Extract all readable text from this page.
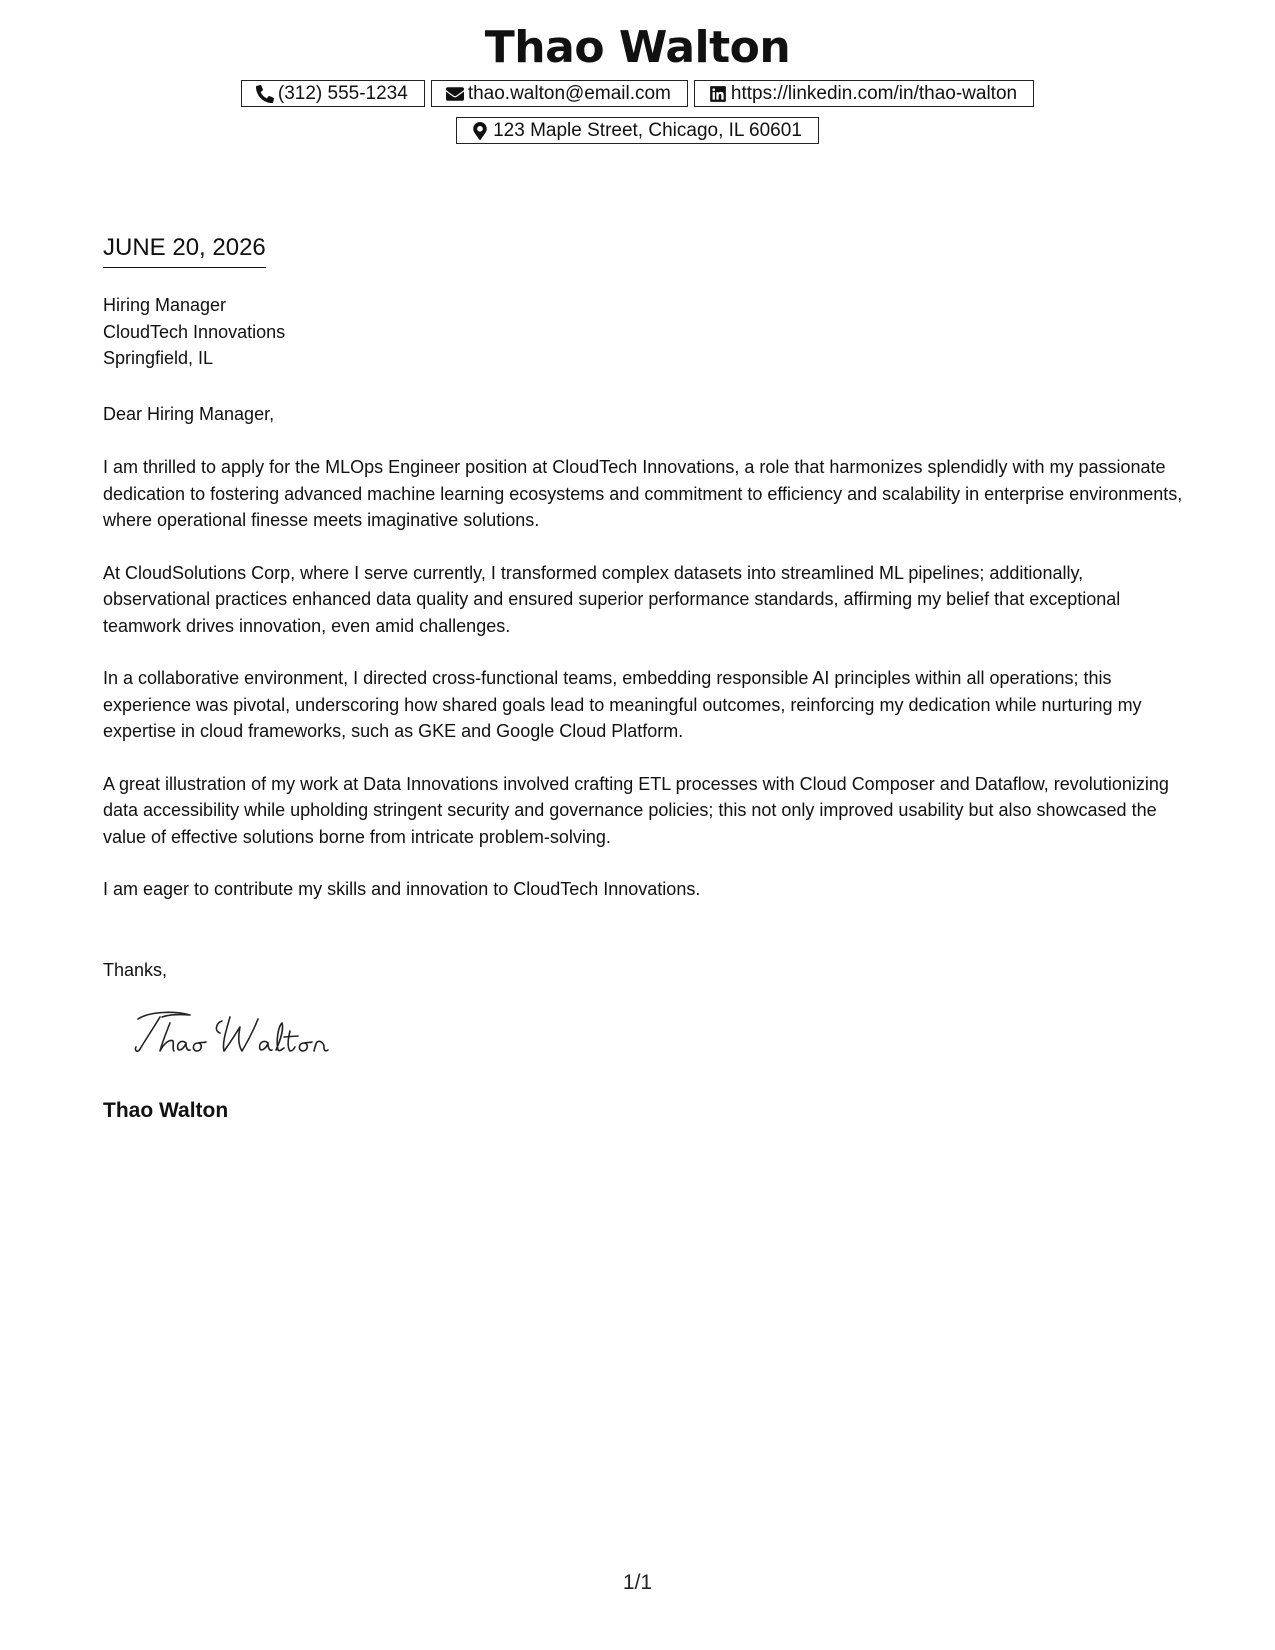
Thao Walton
(312) 555-1234	thao.walton@email.com	https://linkedin.com/in/thao-walton
123 Maple Street, Chicago, IL 60601
JUNE 20, 2026
Hiring Manager
CloudTech Innovations
Springfield, IL
Dear Hiring Manager,

I am thrilled to apply for the MLOps Engineer position at CloudTech Innovations, a role that harmonizes splendidly with my passionate dedication to fostering advanced machine learning ecosystems and commitment to efficiency and scalability in enterprise environments, where operational finesse meets imaginative solutions.

At CloudSolutions Corp, where I serve currently, I transformed complex datasets into streamlined ML pipelines; additionally, observational practices enhanced data quality and ensured superior performance standards, affirming my belief that exceptional teamwork drives innovation, even amid challenges.

In a collaborative environment, I directed cross-functional teams, embedding responsible AI principles within all operations; this experience was pivotal, underscoring how shared goals lead to meaningful outcomes, reinforcing my dedication while nurturing my expertise in cloud frameworks, such as GKE and Google Cloud Platform.

A great illustration of my work at Data Innovations involved crafting ETL processes with Cloud Composer and Dataflow, revolutionizing data accessibility while upholding stringent security and governance policies; this not only improved usability but also showcased the value of effective solutions borne from intricate problem-solving.

I am eager to contribute my skills and innovation to CloudTech Innovations.

Thanks,
Thao Walton
1/1
